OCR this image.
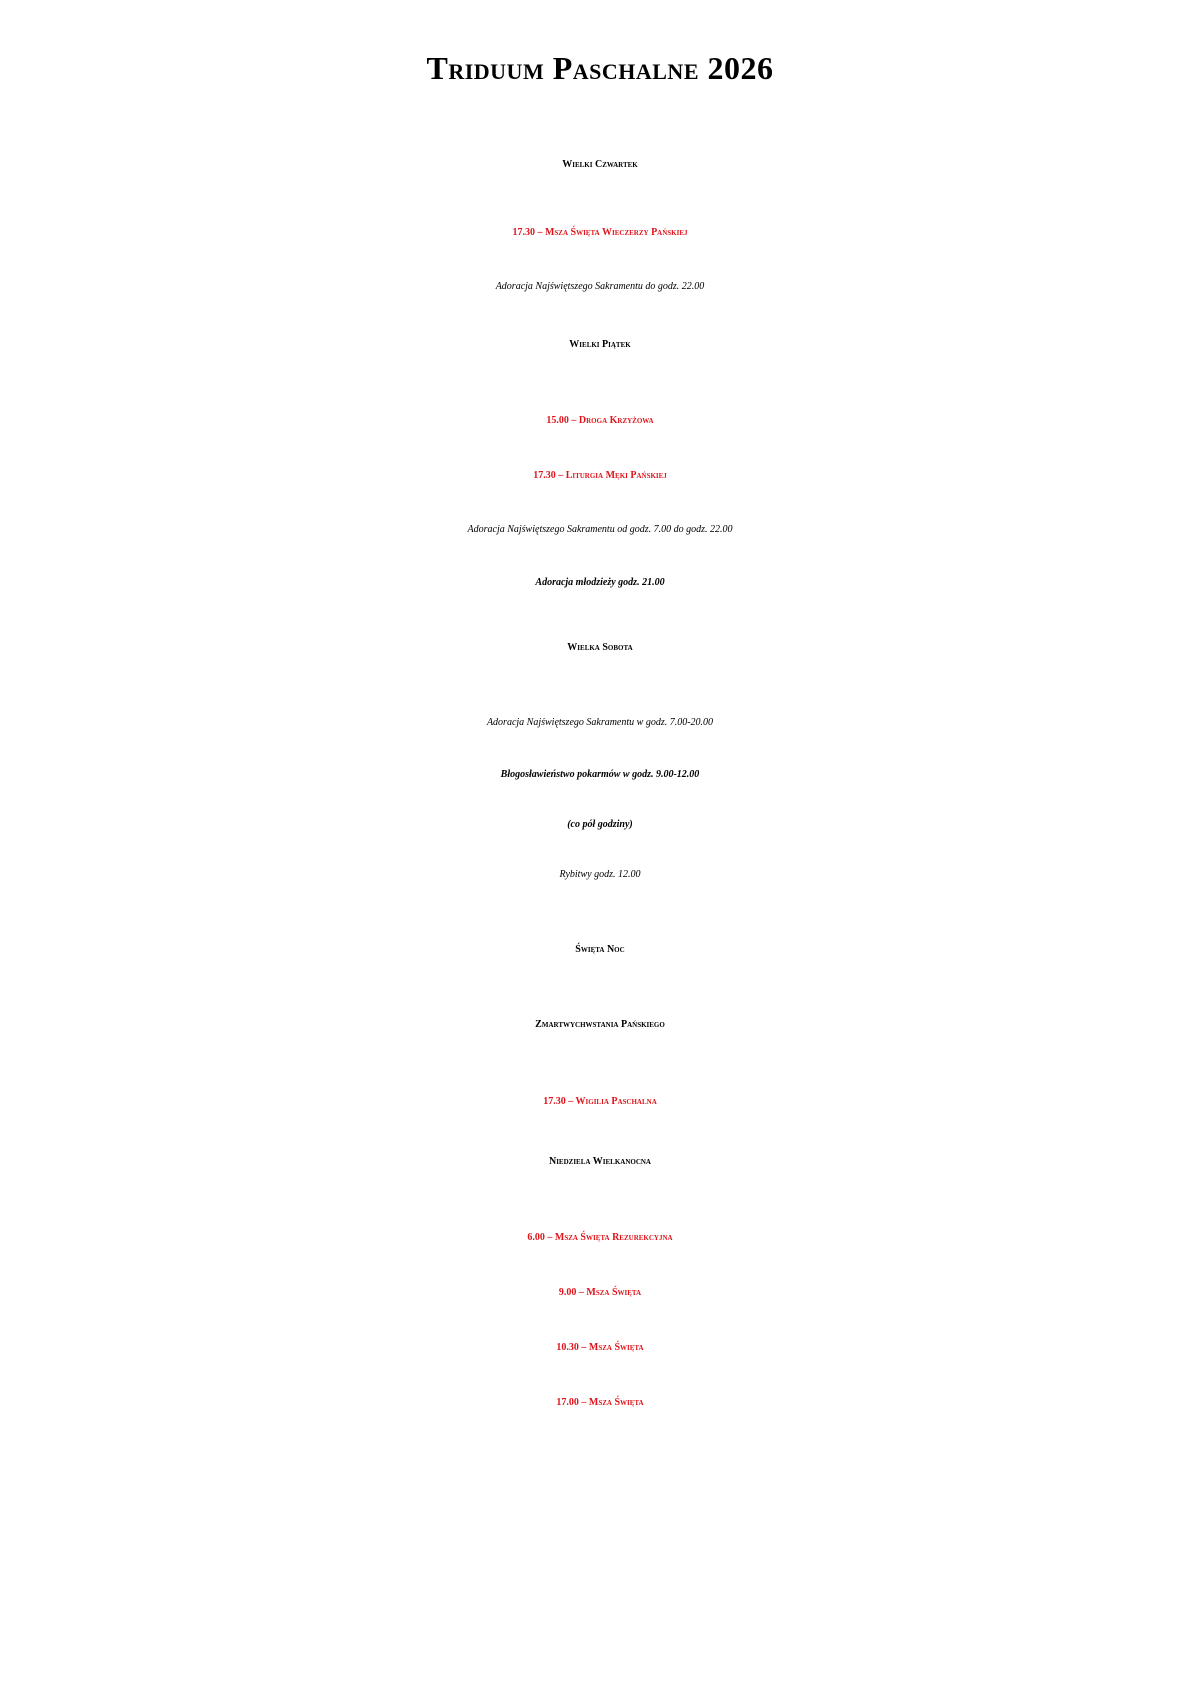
Triduum Paschalne 2026
Wielki Czwartek
17.30 – Msza Święta Wieczerzy Pańskiej
Adoracja Najświętszego Sakramentu do godz. 22.00
Wielki Piątek
15.00 – Droga Krzyżowa
17.30 – Liturgia Męki Pańskiej
Adoracja Najświętszego Sakramentu od godz. 7.00 do godz. 22.00
Adoracja młodzieży godz. 21.00
Wielka Sobota
Adoracja Najświętszego Sakramentu w godz. 7.00-20.00
Błogosławieństwo pokarmów w godz. 9.00-12.00
(co pół godziny)
Rybitwy godz. 12.00
Święta Noc
Zmartwychwstania Pańskiego
17.30 – Wigilia Paschalna
Niedziela Wielkanocna
6.00 – Msza Święta Rezurekcyjna
9.00 – Msza Święta
10.30 – Msza Święta
17.00 – Msza Święta
